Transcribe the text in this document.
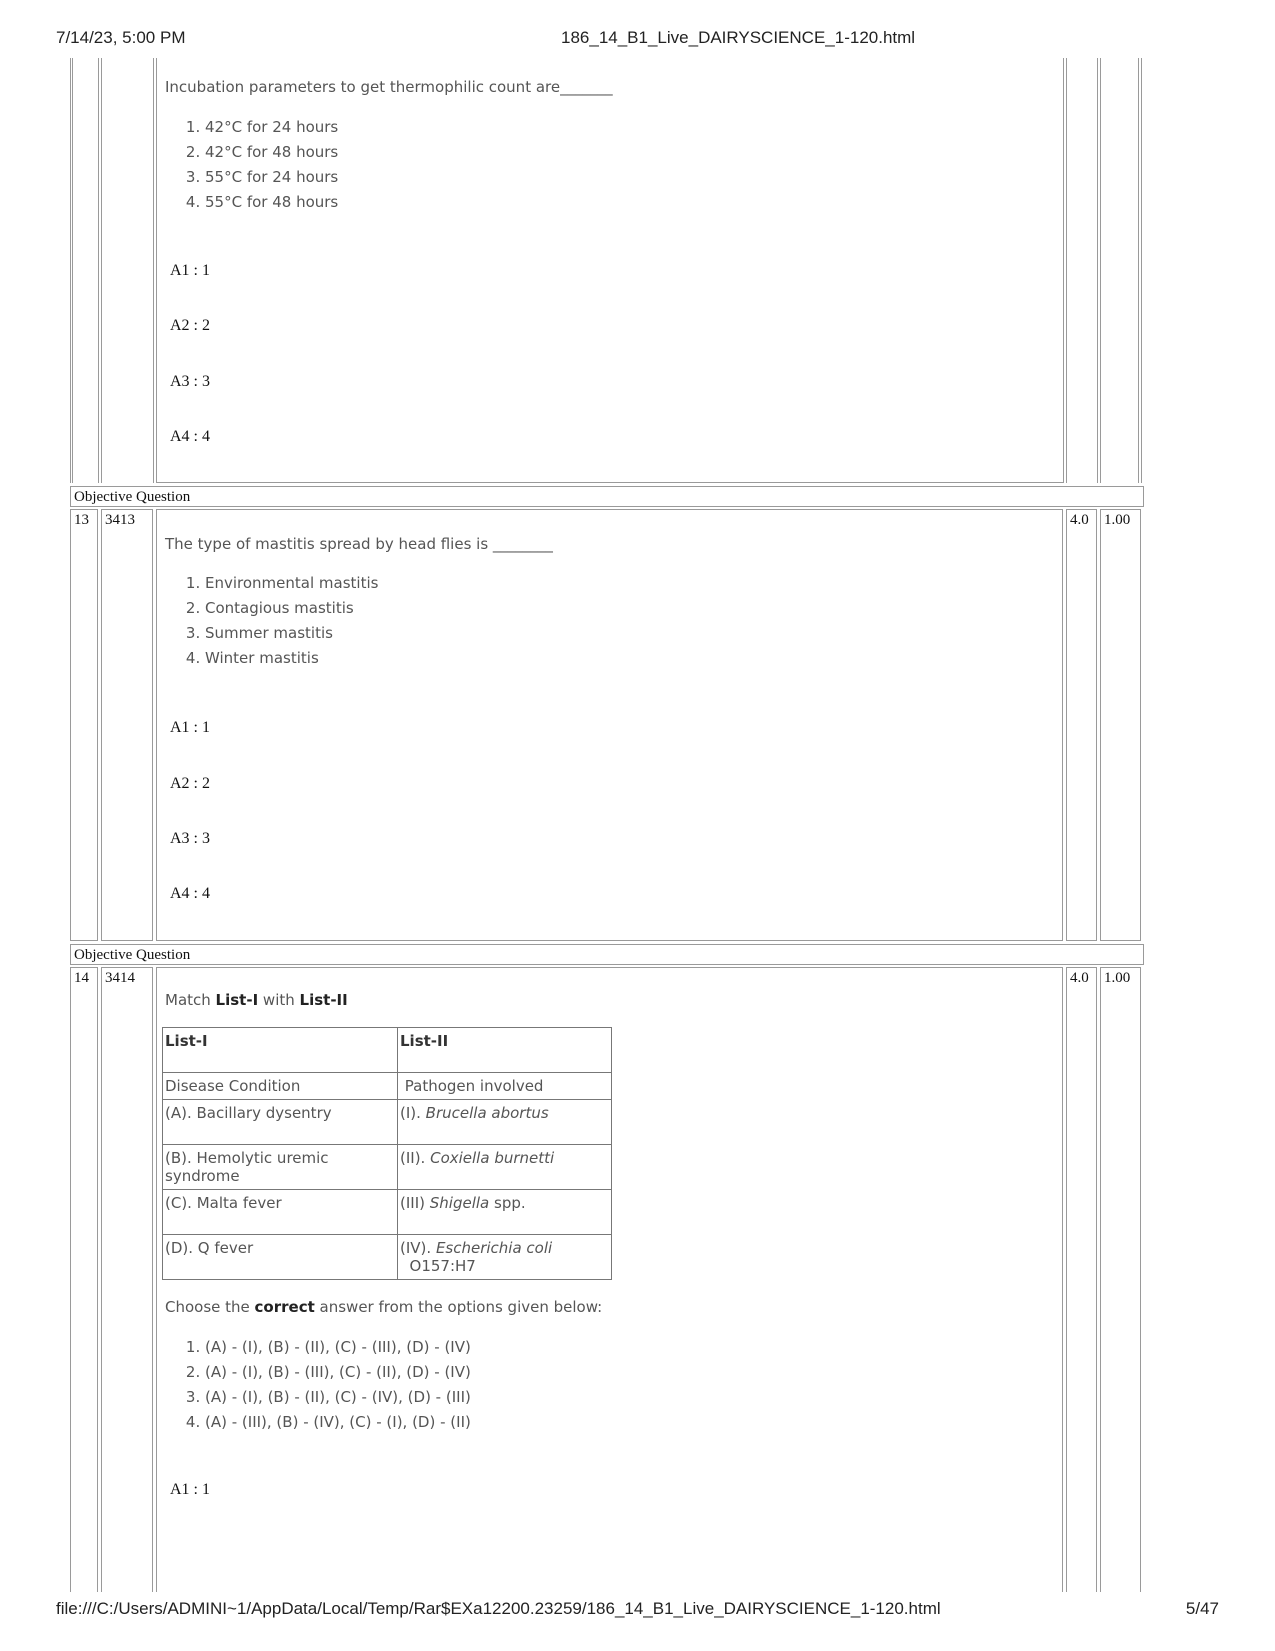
7/14/23, 5:00 PM	186_14_B1_Live_DAIRYSCIENCE_1-120.html
Incubation parameters to get thermophilic count are_______
1. 42°C for 24 hours
2. 42°C for 48 hours
3. 55°C for 24 hours
4. 55°C for 48 hours
A1 : 1
A2 : 2
A3 : 3
A4 : 4
Objective Question
13	3413	4.0	1.00
The type of mastitis spread by head flies is ________
1. Environmental mastitis
2. Contagious mastitis
3. Summer mastitis
4. Winter mastitis
A1 : 1
A2 : 2
A3 : 3
A4 : 4
Objective Question
14	3414	4.0	1.00
Match List-I with List-II
List-I	List-II
Disease Condition	Pathogen involved
(A). Bacillary dysentry	(I). Brucella abortus
(B). Hemolytic uremic syndrome	(II). Coxiella burnetti
(C). Malta fever	(III) Shigella spp.
(D). Q fever	(IV). Escherichia coli  O157:H7
Choose the correct answer from the options given below:
1. (A) - (I), (B) - (II), (C) - (III), (D) - (IV)
2. (A) - (I), (B) - (III), (C) - (II), (D) - (IV)
3. (A) - (I), (B) - (II), (C) - (IV), (D) - (III)
4. (A) - (III), (B) - (IV), (C) - (I), (D) - (II)
A1 : 1
file:///C:/Users/ADMINI~1/AppData/Local/Temp/Rar$EXa12200.23259/186_14_B1_Live_DAIRYSCIENCE_1-120.html	5/47
